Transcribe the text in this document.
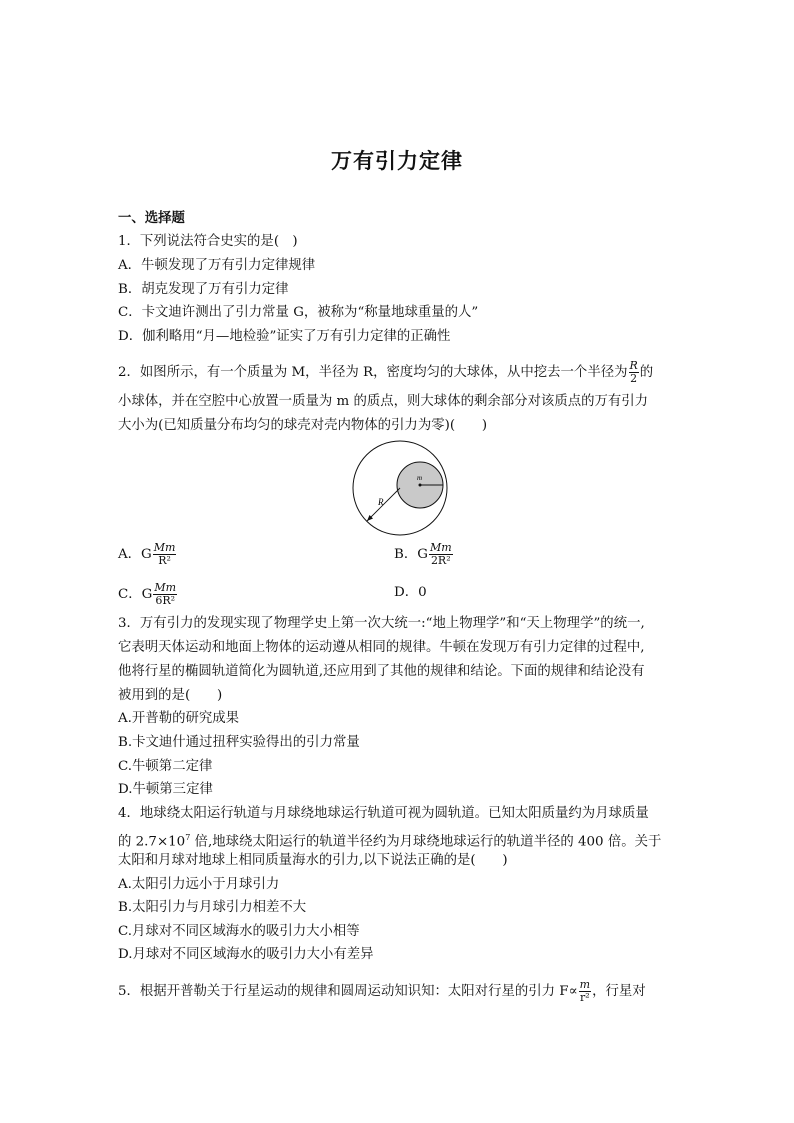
万有引力定律
一、选择题
1．下列说法符合史实的是(　)
A．牛顿发现了万有引力定律规律
B．胡克发现了万有引力定律
C．卡文迪许测出了引力常量 G，被称为“称量地球重量的人”
D．伽利略用“月—地检验”证实了万有引力定律的正确性
2．如图所示，有一个质量为 M，半径为 R，密度均匀的大球体，从中挖去一个半径为 $\frac{R}{2}$ 的
小球体，并在空腔中心放置一质量为 m 的质点，则大球体的剩余部分对该质点的万有引力
大小为(已知质量分布均匀的球壳对壳内物体的引力为零)(　　)
R
m
A．G $\frac{Mm}{\text{R²}}$	B．G $\frac{Mm}{\text{2R²}}$
C．G $\frac{Mm}{\text{6R²}}$	D．0
3．万有引力的发现实现了物理学史上第一次大统一:“地上物理学”和“天上物理学”的统一,
它表明天体运动和地面上物体的运动遵从相同的规律。牛顿在发现万有引力定律的过程中,
他将行星的椭圆轨道简化为圆轨道,还应用到了其他的规律和结论。下面的规律和结论没有
被用到的是(　　)
A.开普勒的研究成果
B.卡文迪什通过扭秤实验得出的引力常量
C.牛顿第二定律
D.牛顿第三定律
4．地球绕太阳运行轨道与月球绕地球运行轨道可视为圆轨道。已知太阳质量约为月球质量
的 $2.7\times 10^7$ 倍,地球绕太阳运行的轨道半径约为月球绕地球运行的轨道半径的 400 倍。关于
太阳和月球对地球上相同质量海水的引力,以下说法正确的是(　　)
A.太阳引力远小于月球引力
B.太阳引力与月球引力相差不大
C.月球对不同区域海水的吸引力大小相等
D.月球对不同区域海水的吸引力大小有差异
5．根据开普勒关于行星运动的规律和圆周运动知识知：太阳对行星的引力 $F\propto \frac{m}{\text{r²}}$ ，行星对
